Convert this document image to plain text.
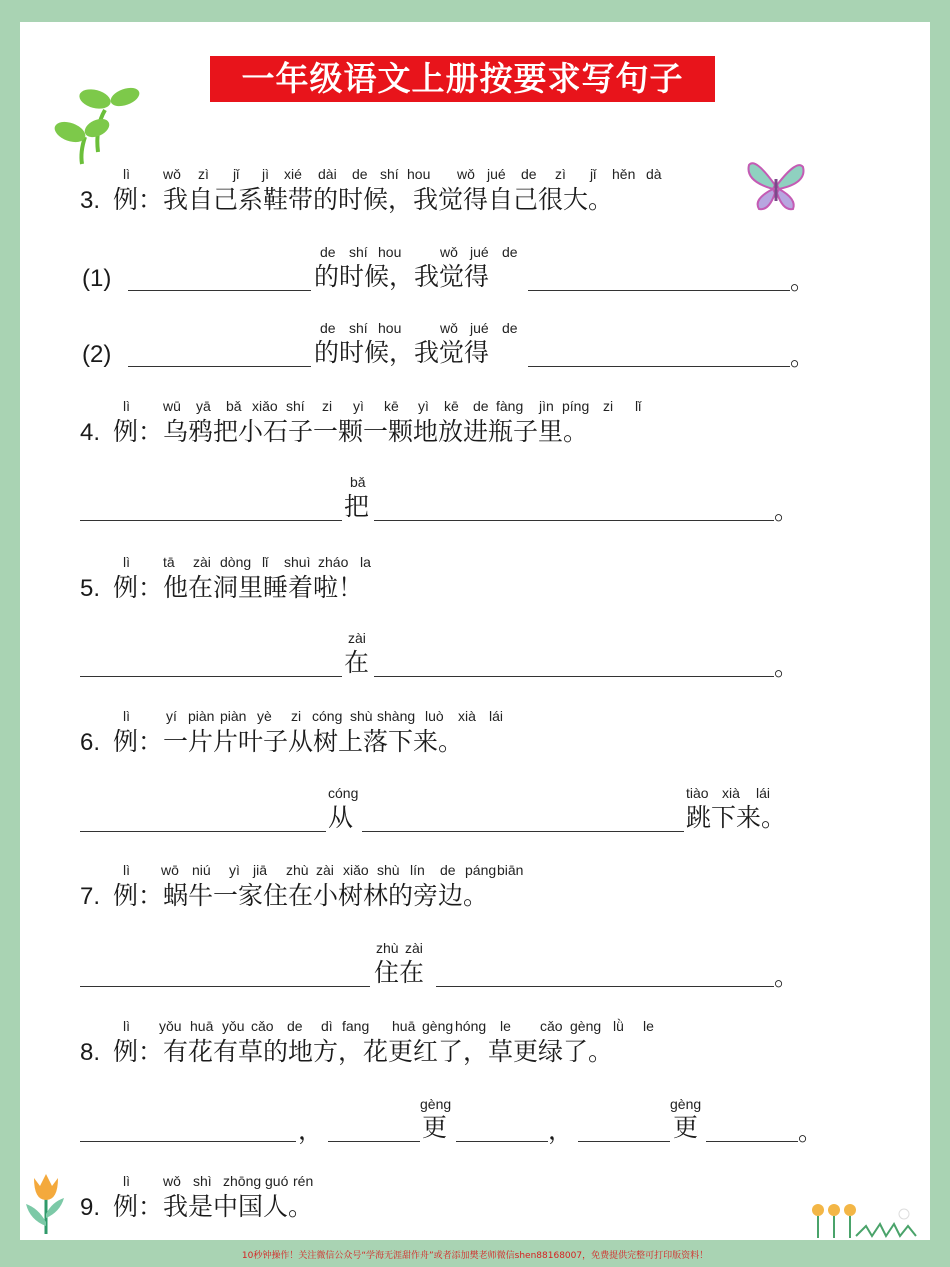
一年级语文上册按要求写句子
lì wǒ zì jǐ jì xié dài de shí hou wǒ jué de zì jǐ hěn dà
3. 例：我自己系鞋带的时候，我觉得自己很大。
de shí hou	wǒ jué de
(1)	的时候，我觉得	。
de shí hou	wǒ jué de
(2)	的时候，我觉得	。
lì wū yā bǎ xiǎo shí zi yì kē yì kē de fàng jìn píng zi lǐ
4. 例：乌鸦把小石子一颗一颗地放进瓶子里。
bǎ
把	。
lì tā zài dòng lǐ shuì zháo la
5. 例：他在洞里睡着啦！
zài
在	。
lì	yí piàn piàn yè zi cóng shù shàng luò xià lái
6. 例：一片片叶子从树上落下来。
cóng	tiào xià lái
从	跳下来。
lì wō niú yì jiā zhù zài xiǎo shù lín de páng biān
7. 例：蜗牛一家住在小树林的旁边。
zhù zài
住在	。
lì yǒu huā yǒu cǎo de dì fang huā gèng hóng le cǎo gèng lǜ le
8. 例：有花有草的地方，花更红了，草更绿了。
gèng	gèng
，	更	，	更	。
lì wǒ shì zhōng guó rén
9. 例：我是中国人。
10秒钟操作！关注微信公众号“学海无涯甜作舟”或者添加樊老师微信shen88168007，免费提供完整可打印版资料！
